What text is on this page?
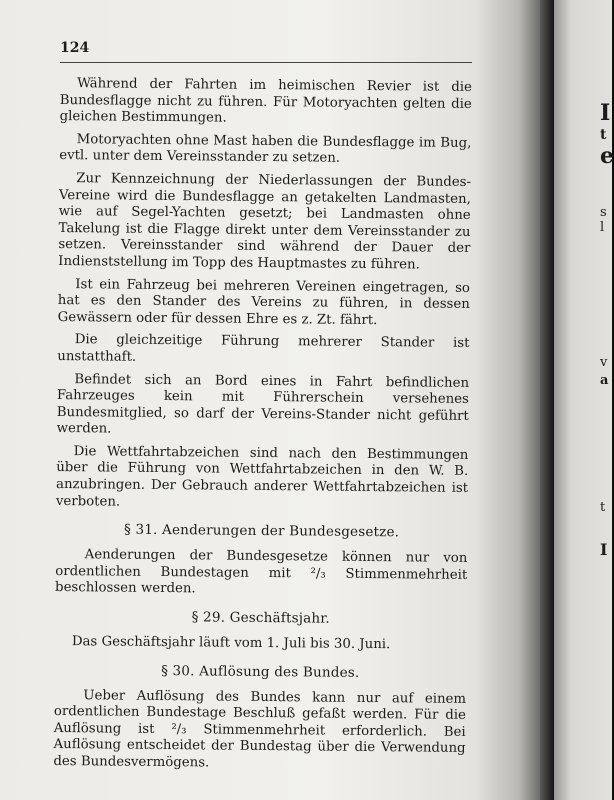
124

Während der Fahrten im heimischen Revier ist die Bundesflagge nicht zu führen. Für Motoryachten gelten die gleichen Bestimmungen.

Motoryachten ohne Mast haben die Bundesflagge im Bug, evtl. unter dem Vereinsstander zu setzen.

Zur Kennzeichnung der Niederlassungen der Bundes-Vereine wird die Bundesflagge an getakelten Landmasten, wie auf Segel-Yachten gesetzt; bei Landmasten ohne Takelung ist die Flagge direkt unter dem Vereinsstander zu setzen. Vereinsstander sind während der Dauer der Indienststellung im Topp des Hauptmastes zu führen.

Ist ein Fahrzeug bei mehreren Vereinen eingetragen, so hat es den Stander des Vereins zu führen, in dessen Gewässern oder für dessen Ehre es z. Zt. fährt.

Die gleichzeitige Führung mehrerer Stander ist unstatthaft.

Befindet sich an Bord eines in Fahrt befindlichen Fahrzeuges kein mit Führerschein versehenes Bundesmitglied, so darf der Vereins-Stander nicht geführt werden.

Die Wettfahrtabzeichen sind nach den Bestimmungen über die Führung von Wettfahrtabzeichen in den W. B. anzubringen. Der Gebrauch anderer Wettfahrtabzeichen ist verboten.

§ 31. Aenderungen der Bundesgesetze.

Aenderungen der Bundesgesetze können nur von ordentlichen Bundestagen mit ²/₃ Stimmenmehrheit beschlossen werden.

§ 29. Geschäftsjahr.

Das Geschäftsjahr läuft vom 1. Juli bis 30. Juni.

§ 30. Auflösung des Bundes.

Ueber Auflösung des Bundes kann nur auf einem ordentlichen Bundestage Beschluß gefaßt werden. Für die Auflösung ist ²/₃ Stimmenmehrheit erforderlich. Bei Auflösung entscheidet der Bundestag über die Verwendung des Bundesvermögens.

I
t
e
s
l
v
a
t
I
